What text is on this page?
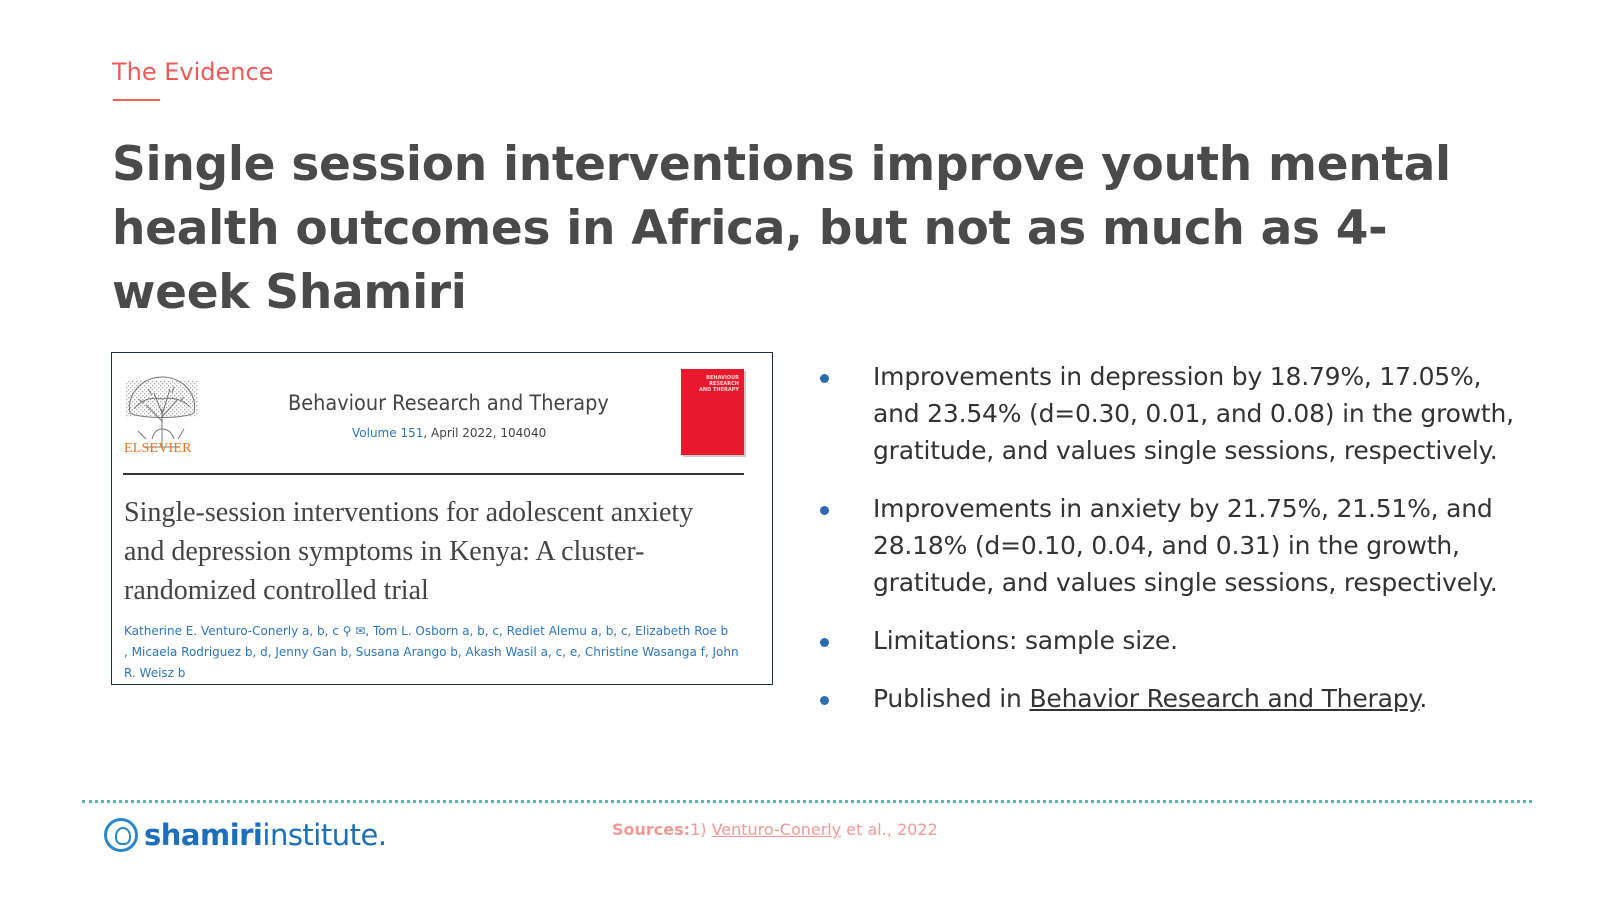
The Evidence
Single session interventions improve youth mental health outcomes in Africa, but not as much as 4-week Shamiri
ELSEVIER
Behaviour Research and Therapy
Volume 151, April 2022, 104040
BEHAVIOUR RESEARCH AND THERAPY
Single-session interventions for adolescent anxiety and depression symptoms in Kenya: A cluster-randomized controlled trial
Katherine E. Venturo-Conerly a, b, c ⚲ ✉, Tom L. Osborn a, b, c, Rediet Alemu a, b, c, Elizabeth Roe b
, Micaela Rodriguez b, d, Jenny Gan b, Susana Arango b, Akash Wasil a, c, e, Christine Wasanga f, John R. Weisz b
Improvements in depression by 18.79%, 17.05%, and 23.54% (d=0.30, 0.01, and 0.08) in the growth, gratitude, and values single sessions, respectively.
Improvements in anxiety by 21.75%, 21.51%, and 28.18% (d=0.10, 0.04, and 0.31) in the growth, gratitude, and values single sessions, respectively.
Limitations: sample size.
Published in Behavior Research and Therapy.
shamiriinstitute.	Sources:1) Venturo-Conerly et al., 2022
